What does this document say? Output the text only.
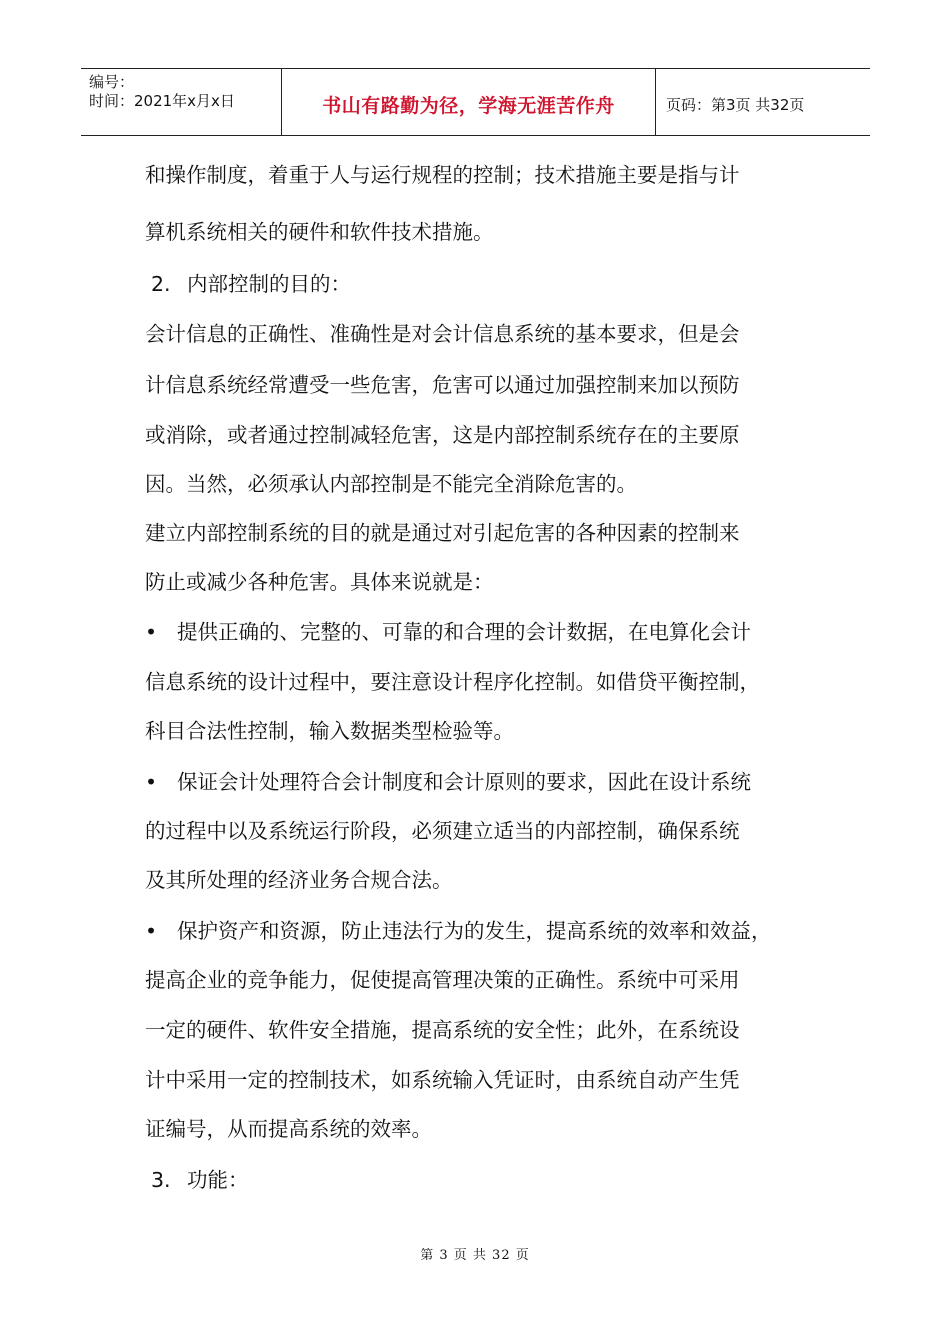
编号：
时间：2021年x月x日	书山有路勤为径，学海无涯苦作舟	页码：第3页 共32页
和操作制度，着重于人与运行规程的控制；技术措施主要是指与计
算机系统相关的硬件和软件技术措施。
2. 内部控制的目的：
会计信息的正确性、准确性是对会计信息系统的基本要求，但是会
计信息系统经常遭受一些危害，危害可以通过加强控制来加以预防
或消除，或者通过控制减轻危害，这是内部控制系统存在的主要原
因。当然，必须承认内部控制是不能完全消除危害的。
建立内部控制系统的目的就是通过对引起危害的各种因素的控制来
防止或减少各种危害。具体来说就是：
• 提供正确的、完整的、可靠的和合理的会计数据，在电算化会计
信息系统的设计过程中，要注意设计程序化控制。如借贷平衡控制，
科目合法性控制，输入数据类型检验等。
• 保证会计处理符合会计制度和会计原则的要求，因此在设计系统
的过程中以及系统运行阶段，必须建立适当的内部控制，确保系统
及其所处理的经济业务合规合法。
• 保护资产和资源，防止违法行为的发生，提高系统的效率和效益，
提高企业的竞争能力，促使提高管理决策的正确性。系统中可采用
一定的硬件、软件安全措施，提高系统的安全性；此外，在系统设
计中采用一定的控制技术，如系统输入凭证时，由系统自动产生凭
证编号，从而提高系统的效率。
3. 功能：
第 3 页 共 32 页
